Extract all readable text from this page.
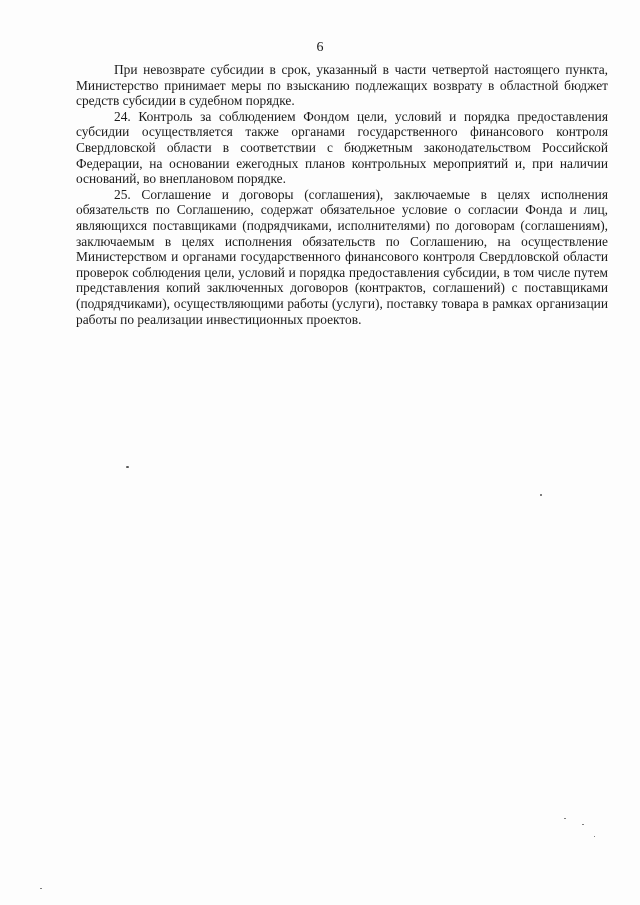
6

При невозврате субсидии в срок, указанный в части четвертой настоящего пункта, Министерство принимает меры по взысканию подлежащих возврату в областной бюджет средств субсидии в судебном порядке.

24. Контроль за соблюдением Фондом цели, условий и порядка предоставления субсидии осуществляется также органами государственного финансового контроля Свердловской области в соответствии с бюджетным законодательством Российской Федерации, на основании ежегодных планов контрольных мероприятий и, при наличии оснований, во внеплановом порядке.

25. Соглашение и договоры (соглашения), заключаемые в целях исполнения обязательств по Соглашению, содержат обязательное условие о согласии Фонда и лиц, являющихся поставщиками (подрядчиками, исполнителями) по договорам (соглашениям), заключаемым в целях исполнения обязательств по Соглашению, на осуществление Министерством и органами государственного финансового контроля Свердловской области проверок соблюдения цели, условий и порядка предоставления субсидии, в том числе путем представления копий заключенных договоров (контрактов, соглашений) с поставщиками (подрядчиками), осуществляющими работы (услуги), поставку товара в рамках организации работы по реализации инвестиционных проектов.
